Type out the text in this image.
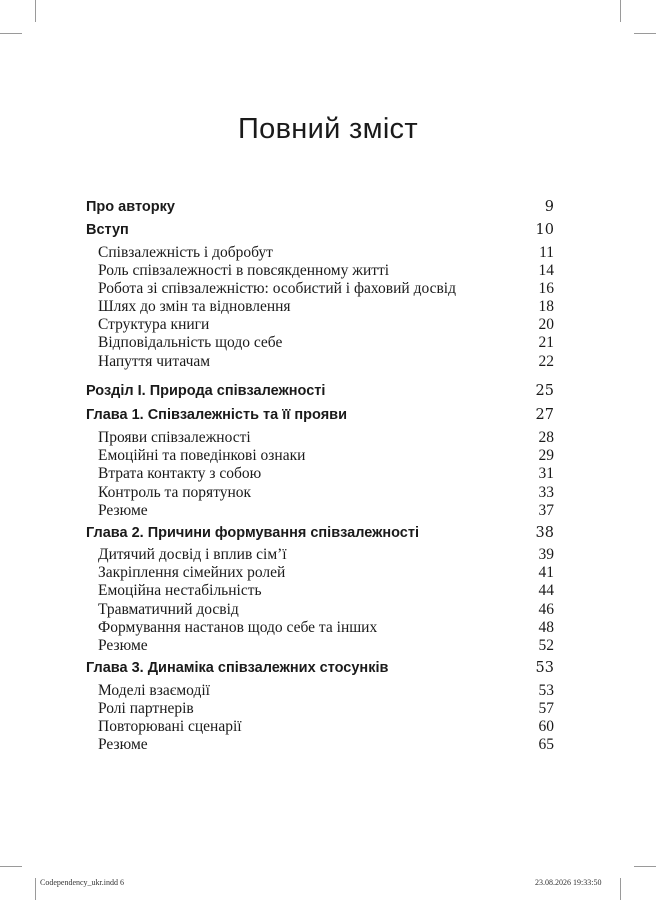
Повний зміст
Про авторку	9
Вступ	10
Співзалежність і добробут	11
Роль співзалежності в повсякденному житті	14
Робота зі співзалежністю: особистий і фаховий досвід	16
Шлях до змін та відновлення	18
Структура книги	20
Відповідальність щодо себе	21
Напуття читачам	22
Розділ І. Природа співзалежності	25
Глава 1. Співзалежність та її прояви	27
Прояви співзалежності	28
Емоційні та поведінкові ознаки	29
Втрата контакту з собою	31
Контроль та порятунок	33
Резюме	37
Глава 2. Причини формування співзалежності	38
Дитячий досвід і вплив сім’ї	39
Закріплення сімейних ролей	41
Емоційна нестабільність	44
Травматичний досвід	46
Формування настанов щодо себе та інших	48
Резюме	52
Глава 3. Динаміка співзалежних стосунків	53
Моделі взаємодії	53
Ролі партнерів	57
Повторювані сценарії	60
Резюме	65
Codependency_ukr.indd 6	23.08.2026 19:33:50
